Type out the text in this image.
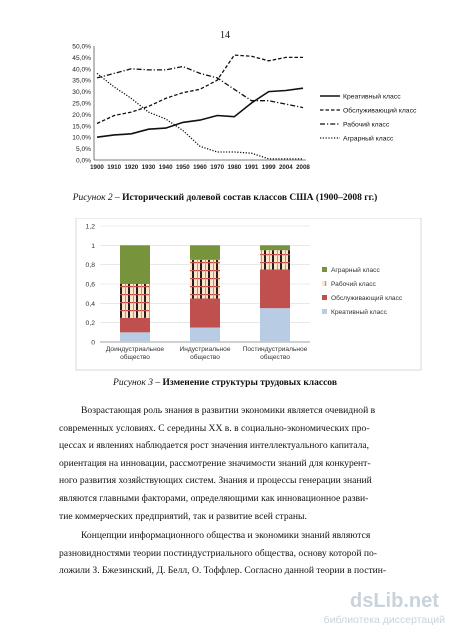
14
0,0%
5,0%
10,0%
15,0%
20,0%
25,0%
30,0%
35,0%
40,0%
45,0%
50,0%
1900 1910 1920 1930 1940 1950 1960 1970 1980 1991 1999 2004 2008
Креативный класс
Обслуживающий класс
Рабочий класс
Аграрный класс
Рисунок 2 – Исторический долевой состав классов США (1900–2008 гг.)
0
0,2
0,4
0,6
0,8
1
1,2
Доиндустриальное
общество
Индустриальное
общество
Постиндустриальное
общество
Аграрный класс
Рабочий класс
Обслуживающий класс
Креативный класс
Рисунок 3 – Изменение структуры трудовых классов

Возрастающая роль знания в развитии экономики является очевидной в

современных условиях. С середины XX в. в социально-экономических про-
цессах и явлениях наблюдается рост значения интеллектуального капитала,
ориентация на инновации, рассмотрение значимости знаний для конкурент-
ного развития хозяйствующих систем. Знания и процессы генерации знаний
являются главными факторами, определяющими как инновационное разви-
тие коммерческих предприятий, так и развитие всей страны.

Концепции информационного общества и экономики знаний являются

разновидностями теории постиндустриального общества, основу которой по-
ложили З. Бжезинский, Д. Белл, О. Тоффлер. Согласно данной теории в постин-
dsLib.net
библиотека диссертаций
